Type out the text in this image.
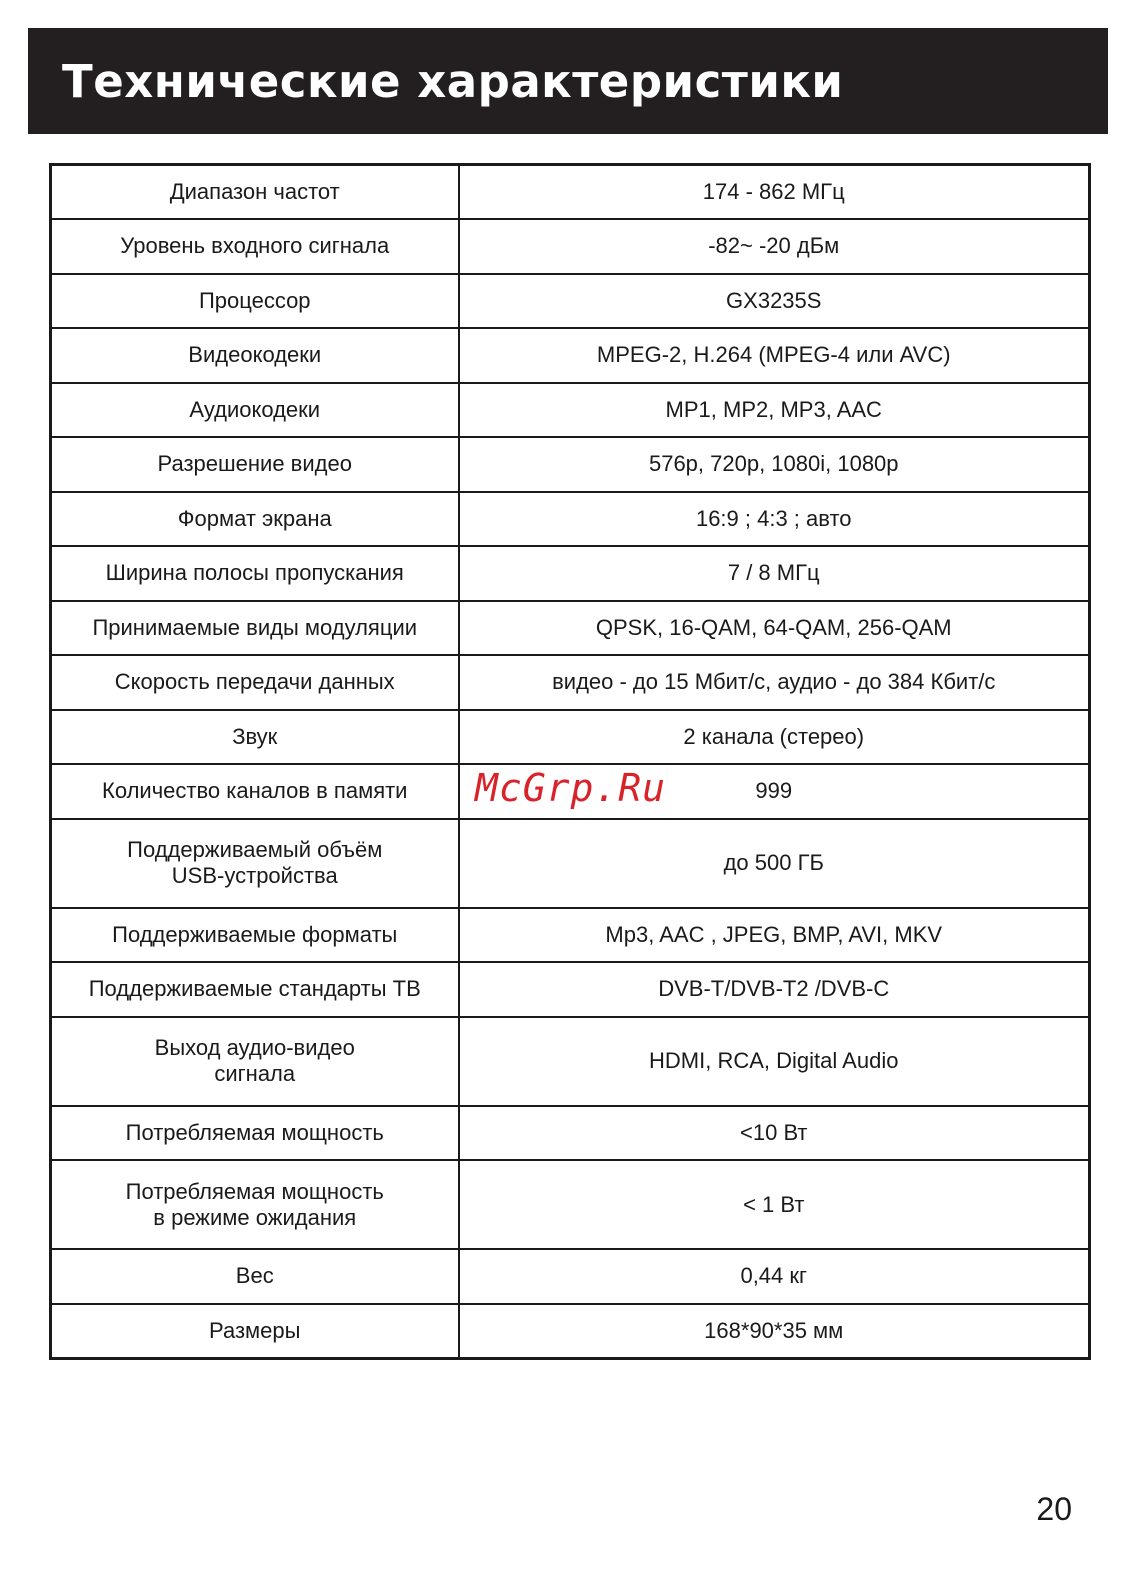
Технические характеристики
Диапазон частот	174 - 862 МГц
Уровень входного сигнала	-82~ -20 дБм
Процессор	GX3235S
Видеокодеки	MPEG-2, H.264 (MPEG-4 или AVC)
Аудиокодеки	MP1, MP2, MP3, AAC
Разрешение видео	576p, 720p, 1080i, 1080p
Формат экрана	16:9 ; 4:3 ; авто
Ширина полосы пропускания	7 / 8 МГц
Принимаемые виды модуляции	QPSK, 16-QAM, 64-QAM, 256-QAM
Скорость передачи данных	видео - до 15 Мбит/с, аудио - до 384 Кбит/с
Звук	2 канала (стерео)
Количество каналов в памяти	999

Поддерживаемый объём
USB-устройства	до 500 ГБ
Поддерживаемые форматы	Mp3, AAC , JPEG, BMP, AVI, MKV
Поддерживаемые стандарты ТВ	DVB-T/DVB-T2 /DVB-C

Выход аудио-видео
сигнала	HDMI, RCA, Digital Audio
Потребляемая мощность	<10 Вт

Потребляемая мощность
в режиме ожидания	< 1 Вт
Вес	0,44 кг
Размеры	168*90*35 мм
McGrp.Ru
20
